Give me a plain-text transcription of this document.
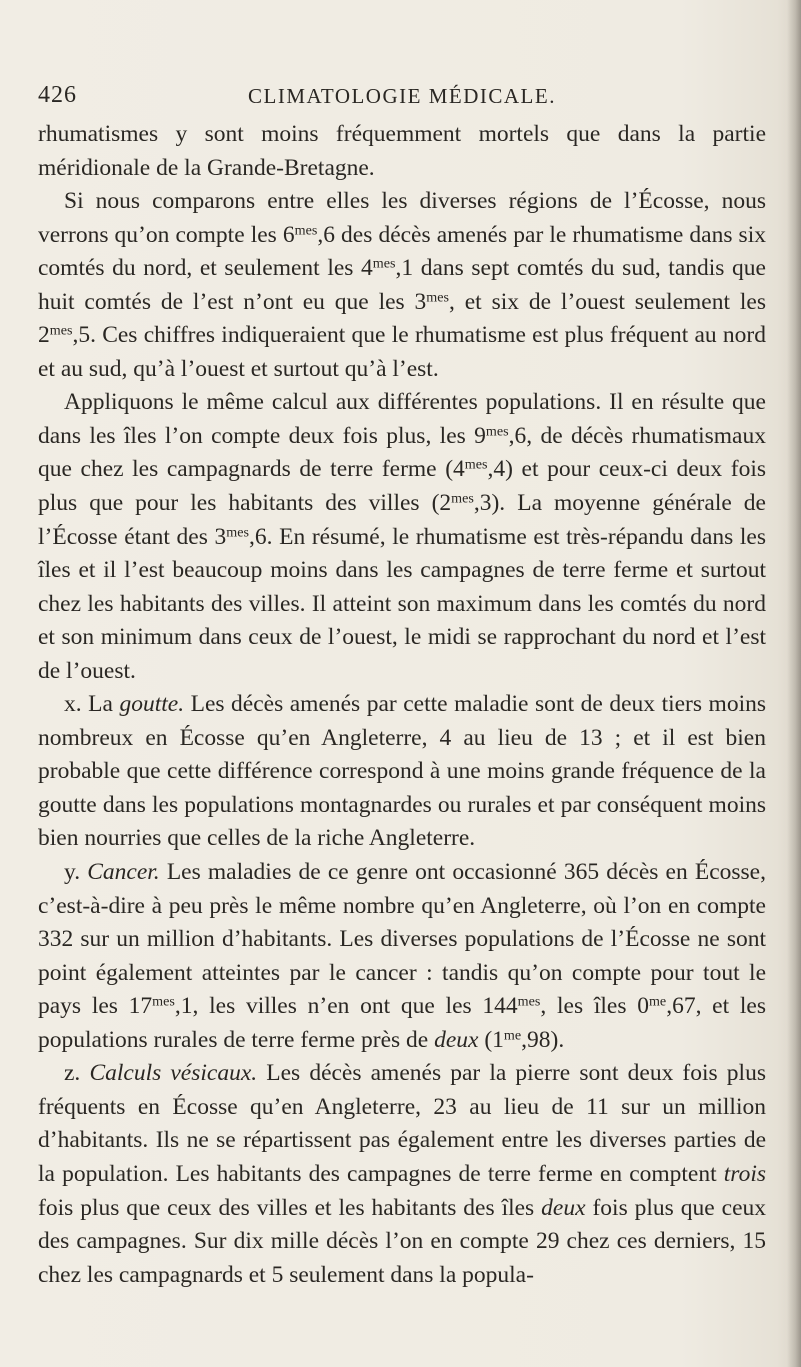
426	CLIMATOLOGIE MÉDICALE.

rhumatismes y sont moins fréquemment mortels que dans la partie méridionale de la Grande-Bretagne.

Si nous comparons entre elles les diverses régions de l’Écosse, nous verrons qu’on compte les $6^{mes},6$ des décès amenés par le rhumatisme dans six comtés du nord, et seulement les $4^{mes},1$ dans sept comtés du sud, tandis que huit comtés de l’est n’ont eu que les $3^{mes}$, et six de l’ouest seulement les $2^{mes},5$. Ces chiffres indiqueraient que le rhumatisme est plus fréquent au nord et au sud, qu’à l’ouest et surtout qu’à l’est.

Appliquons le même calcul aux différentes populations. Il en résulte que dans les îles l’on compte deux fois plus, les $9^{mes},6$, de décès rhumatismaux que chez les campagnards de terre ferme $(4^{mes},4)$ et pour ceux-ci deux fois plus que pour les habitants des villes $(2^{mes},3)$. La moyenne générale de l’Écosse étant des $3^{mes},6$. En résumé, le rhumatisme est très-répandu dans les îles et il l’est beaucoup moins dans les campagnes de terre ferme et surtout chez les habitants des villes. Il atteint son maximum dans les comtés du nord et son minimum dans ceux de l’ouest, le midi se rapprochant du nord et l’est de l’ouest.

x. La goutte. Les décès amenés par cette maladie sont de deux tiers moins nombreux en Écosse qu’en Angleterre, 4 au lieu de 13 ; et il est bien probable que cette différence correspond à une moins grande fréquence de la goutte dans les populations montagnardes ou rurales et par conséquent moins bien nourries que celles de la riche Angleterre.

y. Cancer. Les maladies de ce genre ont occasionné 365 décès en Écosse, c’est-à-dire à peu près le même nombre qu’en Angleterre, où l’on en compte 332 sur un million d’habitants. Les diverses populations de l’Écosse ne sont point également atteintes par le cancer : tandis qu’on compte pour tout le pays les $17^{mes},1$, les villes n’en ont que les $144^{mes}$, les îles $0^{me},67$, et les populations rurales de terre ferme près de deux $(1^{me},98)$.

z. Calculs vésicaux. Les décès amenés par la pierre sont deux fois plus fréquents en Écosse qu’en Angleterre, 23 au lieu de 11 sur un million d’habitants. Ils ne se répartissent pas également entre les diverses parties de la population. Les habitants des campagnes de terre ferme en comptent trois fois plus que ceux des villes et les habitants des îles deux fois plus que ceux des campagnes. Sur dix mille décès l’on en compte 29 chez ces derniers, 15 chez les campagnards et 5 seulement dans la popula-
